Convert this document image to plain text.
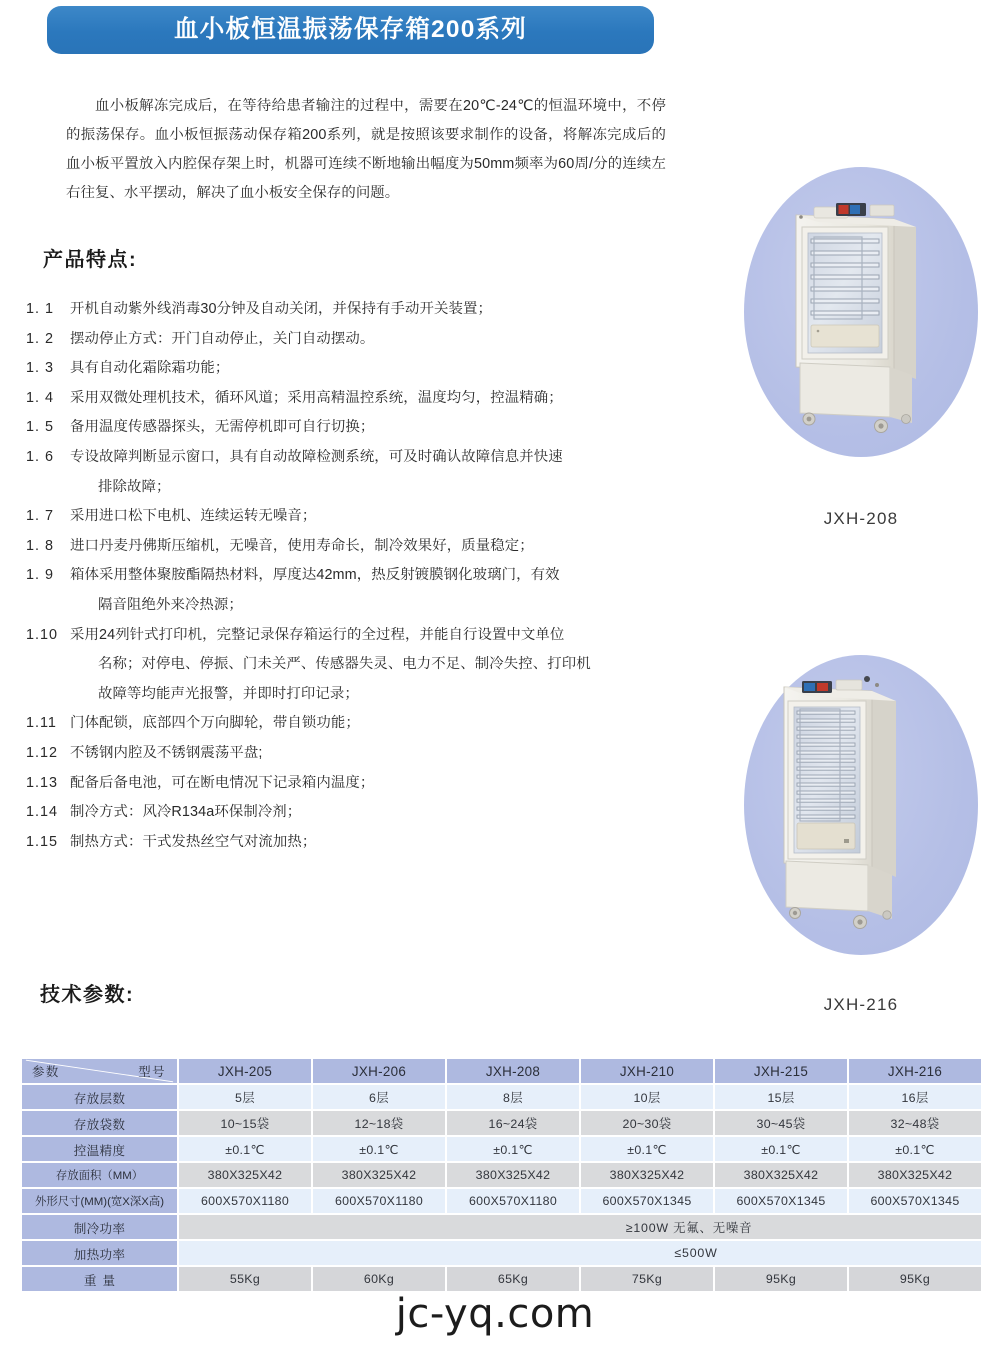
血小板恒温振荡保存箱200系列

血小板解冻完成后，在等待给患者输注的过程中，需要在20℃-24℃的恒温环境中，不停的振荡保存。血小板恒振荡动保存箱200系列，就是按照该要求制作的设备，将解冻完成后的血小板平置放入内腔保存架上时，机器可连续不断地输出幅度为50mm频率为60周/分的连续左右往复、水平摆动，解决了血小板安全保存的问题。

产品特点:
1. 1	开机自动紫外线消毒30分钟及自动关闭，并保持有手动开关装置；
1. 2	摆动停止方式：开门自动停止，关门自动摆动。
1. 3	具有自动化霜除霜功能；
1. 4	采用双微处理机技术，循环风道；采用高精温控系统，温度均匀，控温精确；
1. 5	备用温度传感器探头，无需停机即可自行切换；
1. 6	专设故障判断显示窗口，具有自动故障检测系统，可及时确认故障信息并快速
排除故障；
1. 7	采用进口松下电机、连续运转无噪音；
1. 8	进口丹麦丹佛斯压缩机，无噪音，使用寿命长，制冷效果好，质量稳定；
1. 9	箱体采用整体聚胺酯隔热材料，厚度达42mm，热反射镀膜钢化玻璃门，有效
隔音阻绝外来冷热源；
1.10 采用24列针式打印机，完整记录保存箱运行的全过程，并能自行设置中文单位
名称；对停电、停振、门未关严、传感器失灵、电力不足、制冷失控、打印机
故障等均能声光报警，并即时打印记录；
1.11 门体配锁，底部四个万向脚轮，带自锁功能；
1.12 不锈钢内腔及不锈钢震荡平盘;
1.13 配备后备电池，可在断电情况下记录箱内温度；
1.14 制冷方式：风冷R134a环保制冷剂；
1.15 制热方式：干式发热丝空气对流加热；
JXH-208
JXH-216
技术参数:
型号
参数	JXH-205	JXH-206	JXH-208	JXH-210	JXH-215	JXH-216
存放层数	5层	6层	8层	10层	15层	16层
存放袋数	10~15袋	12~18袋	16~24袋	20~30袋	30~45袋	32~48袋
控温精度	±0.1℃	±0.1℃	±0.1℃	±0.1℃	±0.1℃	±0.1℃
存放面积（MM）	380X325X42	380X325X42	380X325X42	380X325X42	380X325X42	380X325X42
外形尺寸(MM)(宽X深X高)	600X570X1180	600X570X1180	600X570X1180	600X570X1345	600X570X1345	600X570X1345
制冷功率	≥100W 无氟、无噪音					
加热功率	≤500W					
重量	55Kg	60Kg	65Kg	75Kg	95Kg	95Kg
jc-yq.com
